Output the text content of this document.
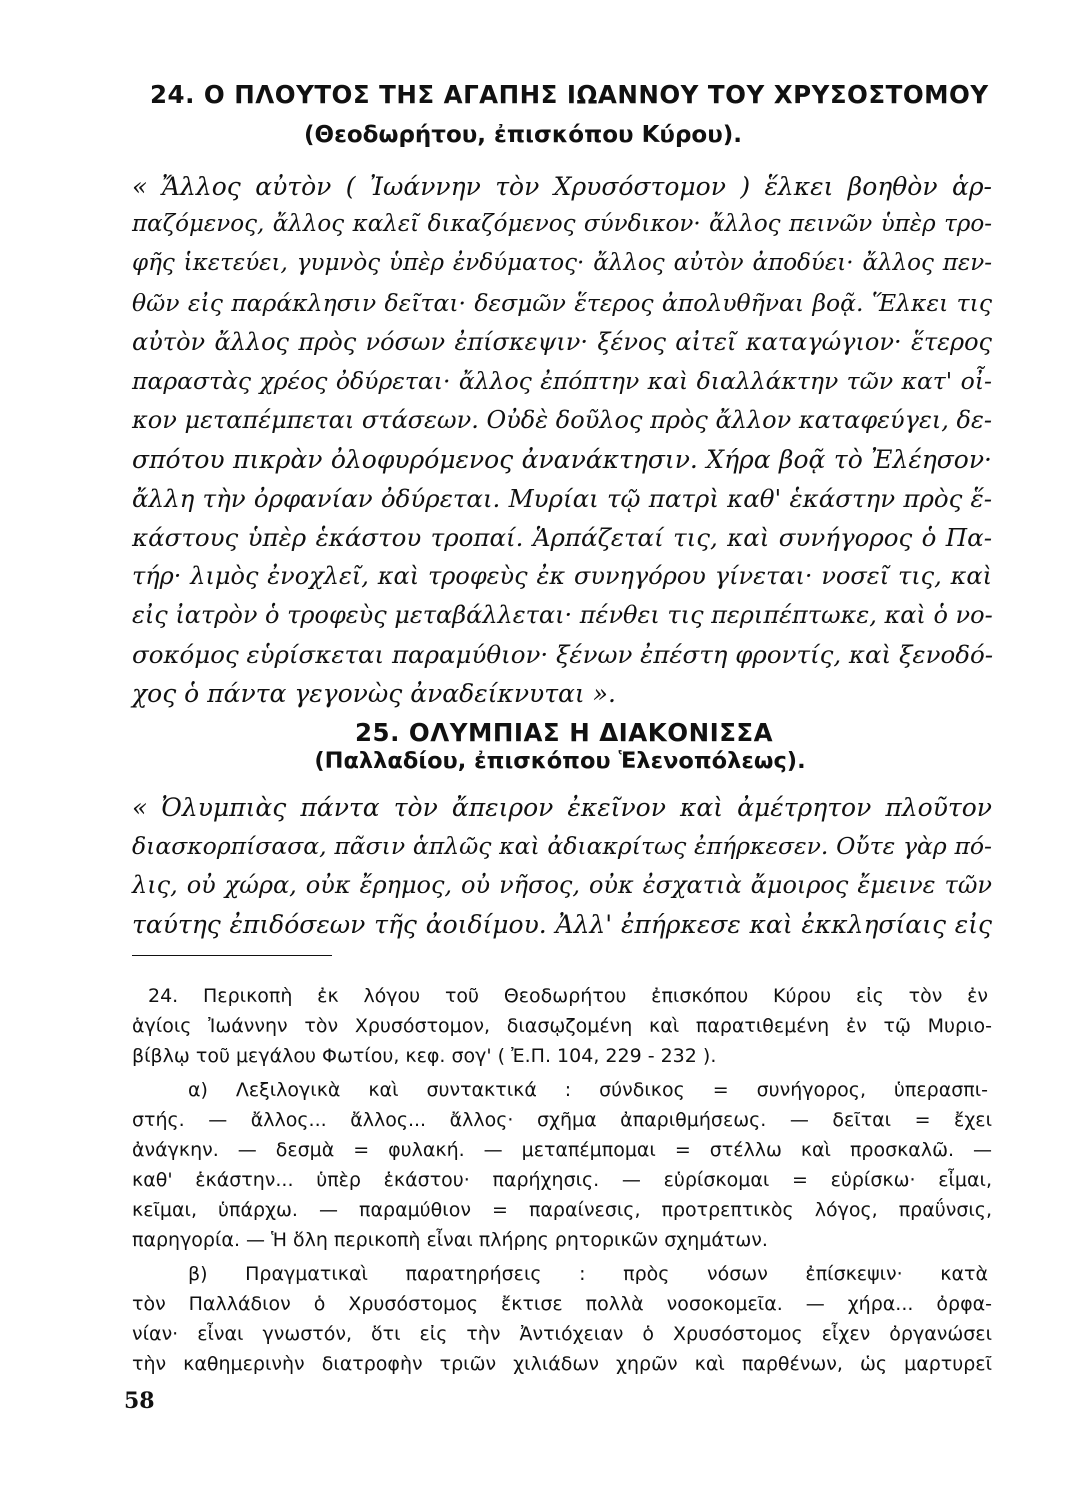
24. Ο ΠΛΟΥΤΟΣ ΤΗΣ ΑΓΑΠΗΣ ΙΩΑΝΝΟΥ ΤΟΥ ΧΡΥΣΟΣΤΟΜΟΥ
(Θεοδωρήτου, ἐπισκόπου Κύρου).
« Ἄλλος αὐτὸν ( Ἰωάννην τὸν Χρυσόστομον ) ἕλκει βοηθὸν ἁρ-
παζόμενος, ἄλλος καλεῖ δικαζόμενος σύνδικον· ἄλλος πεινῶν ὑπὲρ τρο-
φῆς ἱκετεύει, γυμνὸς ὑπὲρ ἐνδύματος· ἄλλος αὐτὸν ἀποδύει· ἄλλος πεν-
θῶν εἰς παράκλησιν δεῖται· δεσμῶν ἕτερος ἀπολυθῆναι βοᾷ. Ἕλκει τις
αὐτὸν ἄλλος πρὸς νόσων ἐπίσκεψιν· ξένος αἰτεῖ καταγώγιον· ἕτερος
παραστὰς χρέος ὀδύρεται· ἄλλος ἐπόπτην καὶ διαλλάκτην τῶν κατ' οἶ-
κον μεταπέμπεται στάσεων. Οὐδὲ δοῦλος πρὸς ἄλλον καταφεύγει, δε-
σπότου πικρὰν ὀλοφυρόμενος ἀνανάκτησιν. Χήρα βοᾷ τὸ Ἐλέησον·
ἄλλη τὴν ὀρφανίαν ὀδύρεται. Μυρίαι τῷ πατρὶ καθ' ἑκάστην πρὸς ἕ-
κάστους ὑπὲρ ἑκάστου τροπαί. Ἁρπάζεταί τις, καὶ συνήγορος ὁ Πα-
τήρ· λιμὸς ἐνοχλεῖ, καὶ τροφεὺς ἐκ συνηγόρου γίνεται· νοσεῖ τις, καὶ
εἰς ἰατρὸν ὁ τροφεὺς μεταβάλλεται· πένθει τις περιπέπτωκε, καὶ ὁ νο-
σοκόμος εὑρίσκεται παραμύθιον· ξένων ἐπέστη φροντίς, καὶ ξενοδό-
χος ὁ πάντα γεγονὼς ἀναδείκνυται ».
25. ΟΛΥΜΠΙΑΣ Η ΔΙΑΚΟΝΙΣΣΑ
(Παλλαδίου, ἐπισκόπου Ἑλενοπόλεως).
« Ὀλυμπιὰς πάντα τὸν ἄπειρον ἐκεῖνον καὶ ἀμέτρητον πλοῦτον
διασκορπίσασα, πᾶσιν ἁπλῶς καὶ ἀδιακρίτως ἐπήρκεσεν. Οὔτε γὰρ πό-
λις, οὐ χώρα, οὐκ ἔρημος, οὐ νῆσος, οὐκ ἐσχατιὰ ἄμοιρος ἔμεινε τῶν
ταύτης ἐπιδόσεων τῆς ἀοιδίμου. Ἀλλ' ἐπήρκεσε καὶ ἐκκλησίαις εἰς
24. Περικοπὴ ἐκ λόγου τοῦ Θεοδωρήτου ἐπισκόπου Κύρου εἰς τὸν ἐν
ἁγίοις Ἰωάννην τὸν Χρυσόστομον, διασῳζομένη καὶ παρατιθεμένη ἐν τῷ Μυριο-
βίβλῳ τοῦ μεγάλου Φωτίου, κεφ. σογ' ( Ἐ.Π. 104, 229 - 232 ).
α) Λεξιλογικὰ καὶ συντακτικά : σύνδικος = συνήγορος, ὑπερασπι-
στής. — ἄλλος... ἄλλος... ἄλλος· σχῆμα ἀπαριθμήσεως. — δεῖται = ἔχει
ἀνάγκην. — δεσμὰ = φυλακή. — μεταπέμπομαι = στέλλω καὶ προσκαλῶ. —
καθ' ἑκάστην... ὑπὲρ ἑκάστου· παρήχησις. — εὑρίσκομαι = εὑρίσκω· εἶμαι,
κεῖμαι, ὑπάρχω. — παραμύθιον = παραίνεσις, προτρεπτικὸς λόγος, πραΰνσις,
παρηγορία. — Ἡ ὅλη περικοπὴ εἶναι πλήρης ρητορικῶν σχημάτων.
β) Πραγματικαὶ παρατηρήσεις : πρὸς νόσων ἐπίσκεψιν· κατὰ
τὸν Παλλάδιον ὁ Χρυσόστομος ἔκτισε πολλὰ νοσοκομεῖα. — χήρα... ὀρφα-
νίαν· εἶναι γνωστόν, ὅτι εἰς τὴν Ἀντιόχειαν ὁ Χρυσόστομος εἶχεν ὀργανώσει
τὴν καθημερινὴν διατροφὴν τριῶν χιλιάδων χηρῶν καὶ παρθένων, ὡς μαρτυρεῖ
58
